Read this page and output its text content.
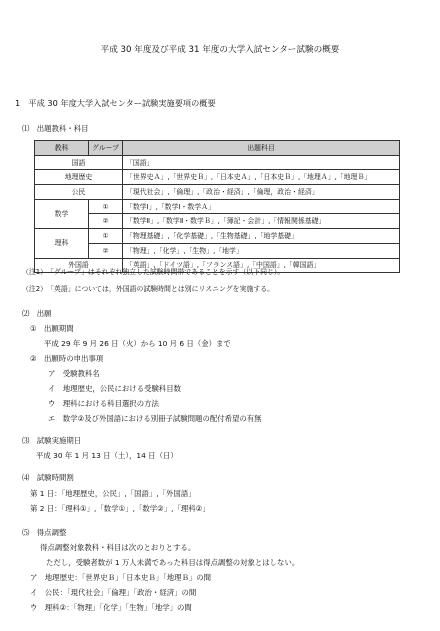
平成 30 年度及び平成 31 年度の大学入試センター試験の概要
1　平成 30 年度大学入試センター試験実施要項の概要
⑴　出題教科・科目
教科	グループ	出題科目
国語		「国語」
地理歴史		「世界史Ａ」,「世界史Ｂ」,「日本史Ａ」,「日本史Ｂ」,「地理Ａ」,「地理Ｂ」
公民		「現代社会」,「倫理」,「政治・経済」,「倫理，政治・経済」
数学	①	「数学Ⅰ」,「数学Ⅰ・数学Ａ」
	②	「数学Ⅱ」,「数学Ⅱ・数学Ｂ」,「簿記・会計」,「情報関係基礎」
理科	①	「物理基礎」,「化学基礎」,「生物基礎」,「地学基礎」
	②	「物理」,「化学」,「生物」,「地学」
外国語		「英語」,「ドイツ語」,「フランス語」,「中国語」,「韓国語」
（注1）　「グループ」はそれぞれ独立した試験時間帯であることを示す（以下同じ）。
（注2）　「英語」については，外国語の試験時間とは別にリスニングを実施する。
⑵　出願
①　出願期間
平成 29 年 9 月 26 日（火）から 10 月 6 日（金）まで
②　出願時の申出事項
ア　受験教科名
イ　地理歴史，公民における受験科目数
ウ　理科における科目選択の方法
エ　数学②及び外国語における別冊子試験問題の配付希望の有無
⑶　試験実施期日
平成 30 年 1 月 13 日（土），14 日（日）
⑷　試験時間割
第 1 日：「地理歴史，公民」,「国語」,「外国語」
第 2 日：「理科①」,「数学①」,「数学②」,「理科②」
⑸　得点調整
得点調整対象教科・科目は次のとおりとする。
ただし，受験者数が 1 万人未満であった科目は得点調整の対象とはしない。
ア　地理歴史：「世界史Ｂ」「日本史Ｂ」「地理Ｂ」の間
イ　公民：「現代社会」「倫理」「政治・経済」の間
ウ　理科②：「物理」「化学」「生物」「地学」の間
